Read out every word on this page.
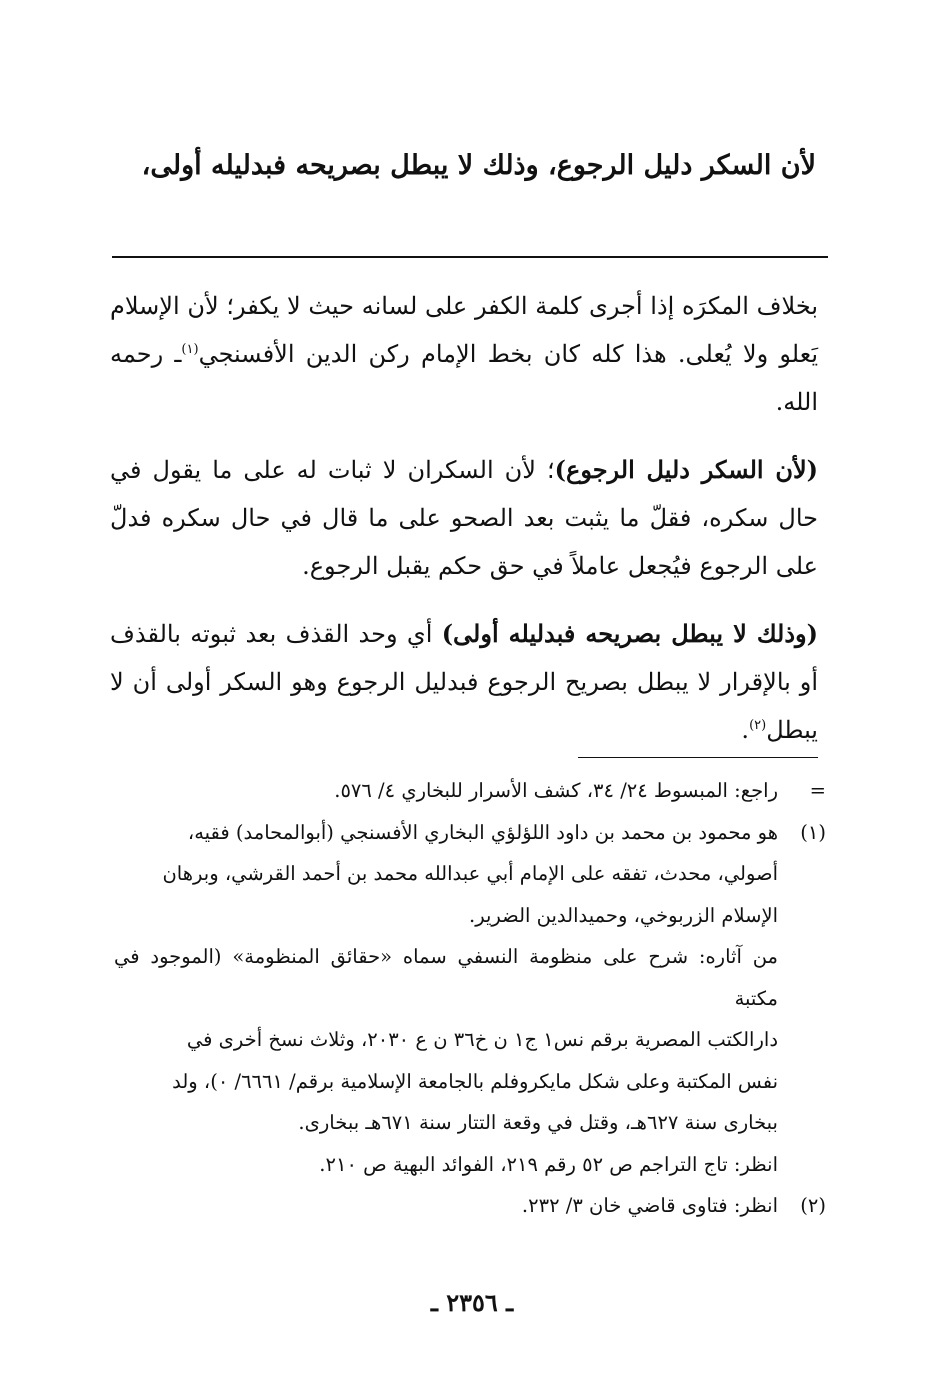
لأن السكر دليل الرجوع، وذلك لا يبطل بصريحه فبدليله أولى،

بخلاف المكرَه إذا أجرى كلمة الكفر على لسانه حيث لا يكفر؛ لأن الإسلام يَعلو ولا يُعلى. هذا كله كان بخط الإمام ركن الدين الأفسنجي$^{(١)}$ـ رحمه الله.

(لأن السكر دليل الرجوع)؛ لأن السكران لا ثبات له على ما يقول في حال سكره، فقلّ ما يثبت بعد الصحو على ما قال في حال سكره فدلّ على الرجوع فيُجعل عاملاً في حق حكم يقبل الرجوع.

(وذلك لا يبطل بصريحه فبدليله أولى) أي وحد القذف بعد ثبوته بالقذف أو بالإقرار لا يبطل بصريح الرجوع فبدليل الرجوع وهو السكر أولى أن لا يبطل$^{(٢)}$.

=
راجع: المبسوط ٢٤/ ٣٤، كشف الأسرار للبخاري ٤/ ٥٧٦.
(١)
هو محمود بن محمد بن داود اللؤلؤي البخاري الأفسنجي (أبوالمحامد) فقيه،
أصولي، محدث، تفقه على الإمام أبي عبدالله محمد بن أحمد القرشي، وبرهان
الإسلام الزربوخي، وحميدالدين الضرير.
من آثاره: شرح على منظومة النسفي سماه «حقائق المنظومة» (الموجود في مكتبة
دارالكتب المصرية برقم نس١ ج١ ن خ٣٦ ن ع ٢٠٣٠، وثلاث نسخ أخرى في
نفس المكتبة وعلى شكل مايكروفلم بالجامعة الإسلامية برقم/ ٦٦٦١/ ٠)، ولد
ببخارى سنة ٦٢٧هـ، وقتل في وقعة التتار سنة ٦٧١هـ ببخارى.
انظر: تاج التراجم ص ٥٢ رقم ٢١٩، الفوائد البهية ص ٢١٠.
(٢)
انظر: فتاوى قاضي خان ٣/ ٢٣٢.
ـ ٢٣٥٦ ـ
